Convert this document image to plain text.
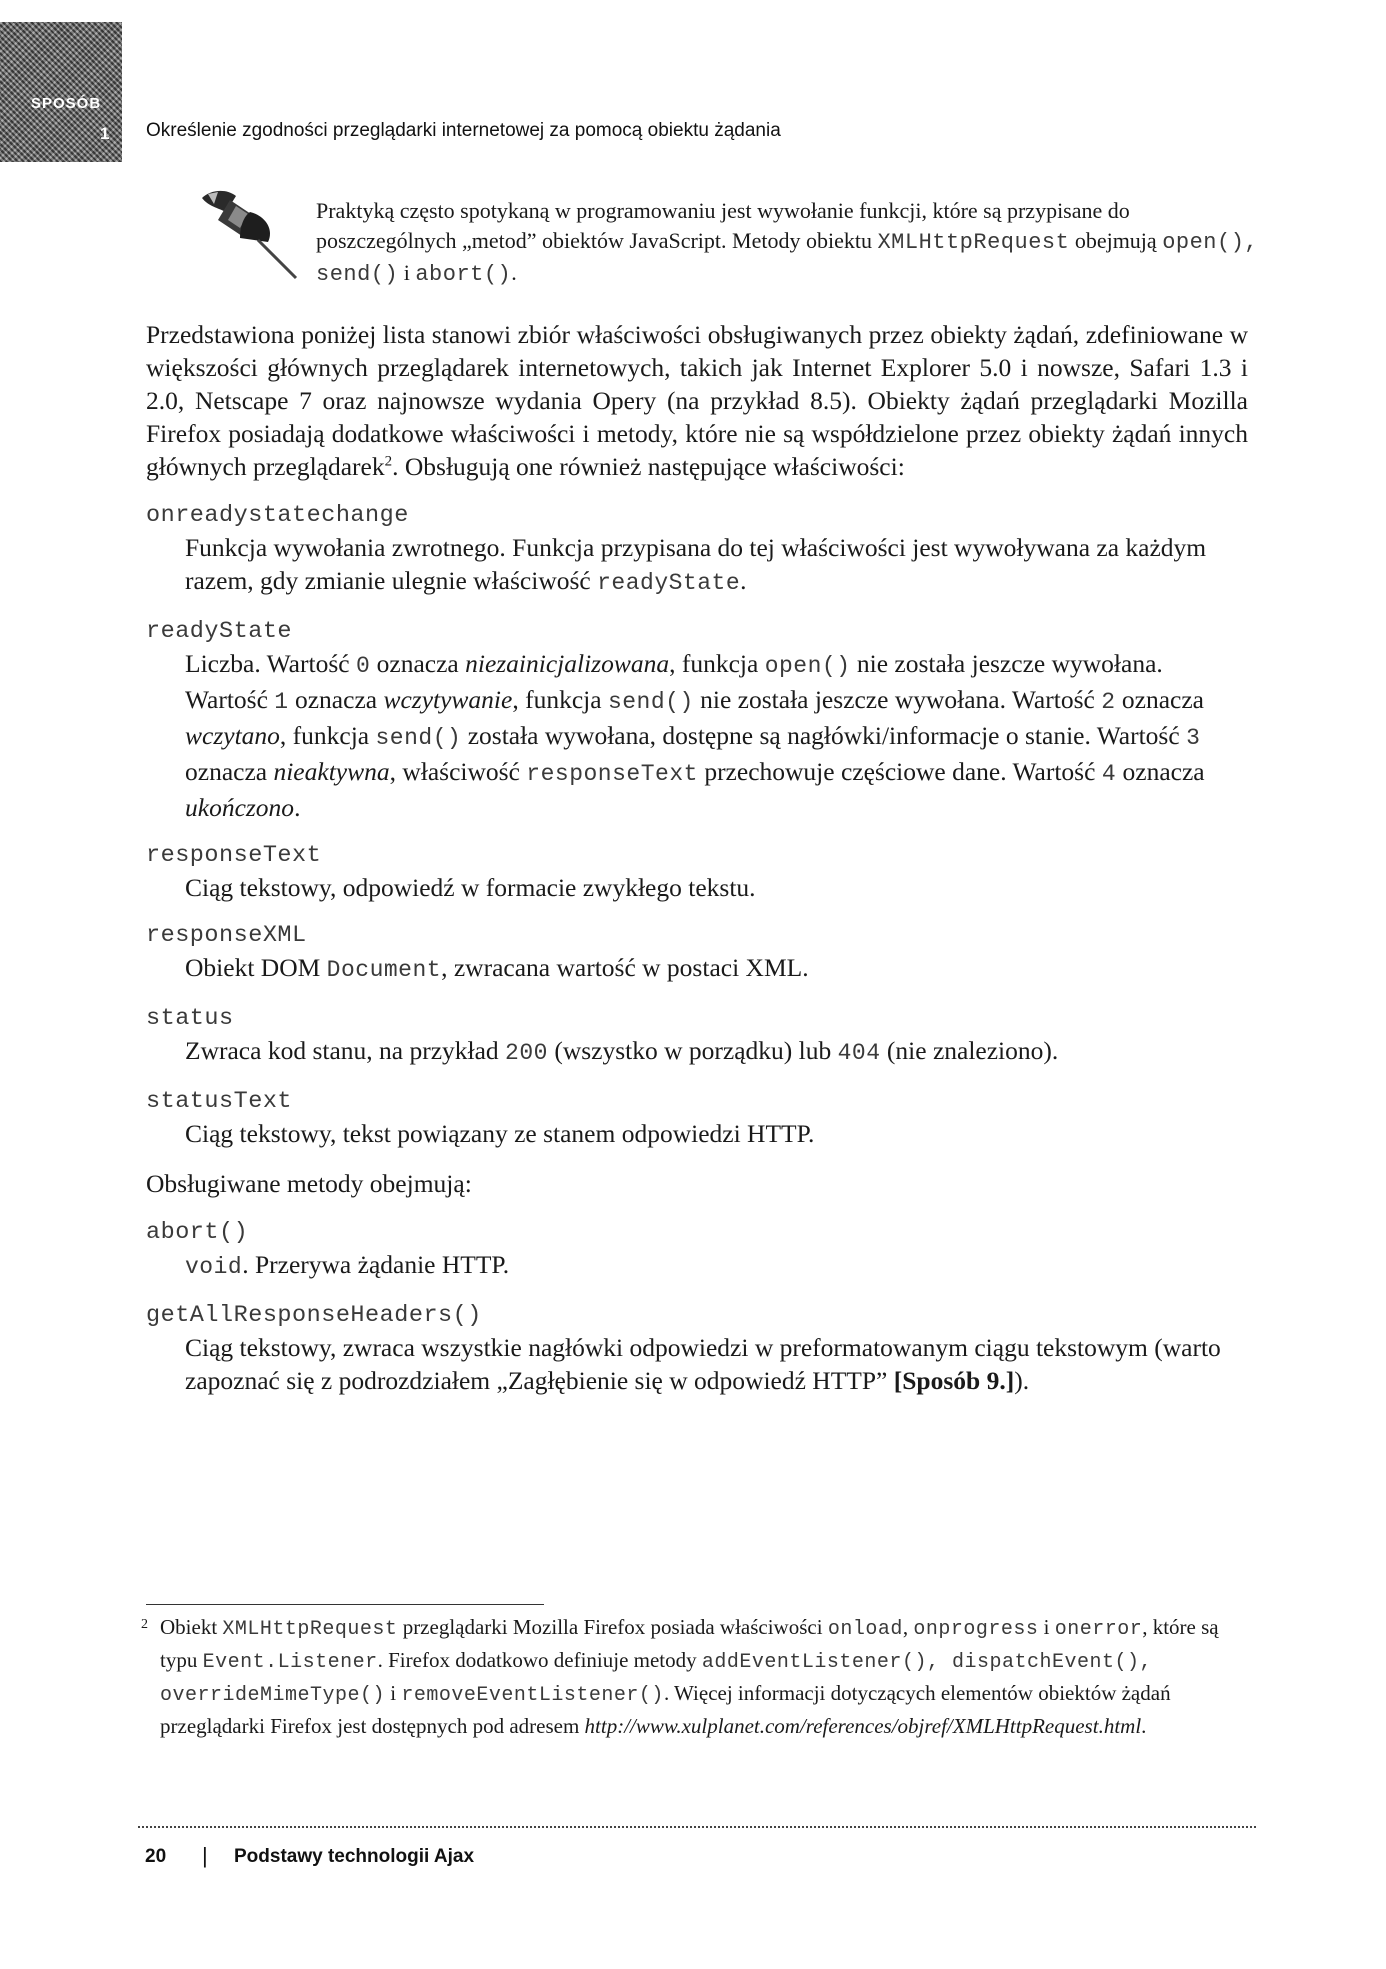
SPOSÓB
1 Określenie zgodności przeglądarki internetowej za pomocą obiektu żądania
Praktyką często spotykaną w programowaniu jest wywołanie funkcji, które są przypisane do poszczególnych „metod” obiektów JavaScript. Metody obiektu XMLHttpRequest obejmują open(), send() i abort().

Przedstawiona poniżej lista stanowi zbiór właściwości obsługiwanych przez obiekty żądań, zdefiniowane w większości głównych przeglądarek internetowych, takich jak Internet Explorer 5.0 i nowsze, Safari 1.3 i 2.0, Netscape 7 oraz najnowsze wydania Opery (na przykład 8.5). Obiekty żądań przeglądarki Mozilla Firefox posiadają dodatkowe właściwości i metody, które nie są współdzielone przez obiekty żądań innych głównych przeglądarek$^2$. Obsługują one również następujące właściwości:

onreadystatechange

Funkcja wywołania zwrotnego. Funkcja przypisana do tej właściwości jest wywoływana za każdym razem, gdy zmianie ulegnie właściwość readyState.

readyState

Liczba. Wartość 0 oznacza niezainicjalizowana, funkcja open() nie została jeszcze wywołana. Wartość 1 oznacza wczytywanie, funkcja send() nie została jeszcze wywołana. Wartość 2 oznacza wczytano, funkcja send() została wywołana, dostępne są nagłówki/informacje o stanie. Wartość 3 oznacza nieaktywna, właściwość responseText przechowuje częściowe dane. Wartość 4 oznacza ukończono.

responseText

Ciąg tekstowy, odpowiedź w formacie zwykłego tekstu.

responseXML

Obiekt DOM Document, zwracana wartość w postaci XML.

status

Zwraca kod stanu, na przykład 200 (wszystko w porządku) lub 404 (nie znaleziono).

statusText

Ciąg tekstowy, tekst powiązany ze stanem odpowiedzi HTTP.

Obsługiwane metody obejmują:

abort()

void. Przerywa żądanie HTTP.

getAllResponseHeaders()

Ciąg tekstowy, zwraca wszystkie nagłówki odpowiedzi w preformatowanym ciągu tekstowym (warto zapoznać się z podrozdziałem „Zagłębienie się w odpowiedź HTTP” [Sposób 9.]).

2 Obiekt XMLHttpRequest przeglądarki Mozilla Firefox posiada właściwości onload, onprogress i onerror, które są typu Event.Listener. Firefox dodatkowo definiuje metody addEventListener(), dispatchEvent(), overrideMimeType() i removeEventListener(). Więcej informacji dotyczących elementów obiektów żądań przeglądarki Firefox jest dostępnych pod adresem http://www.xulplanet.com/references/objref/XMLHttpRequest.html.
20 | Podstawy technologii Ajax
